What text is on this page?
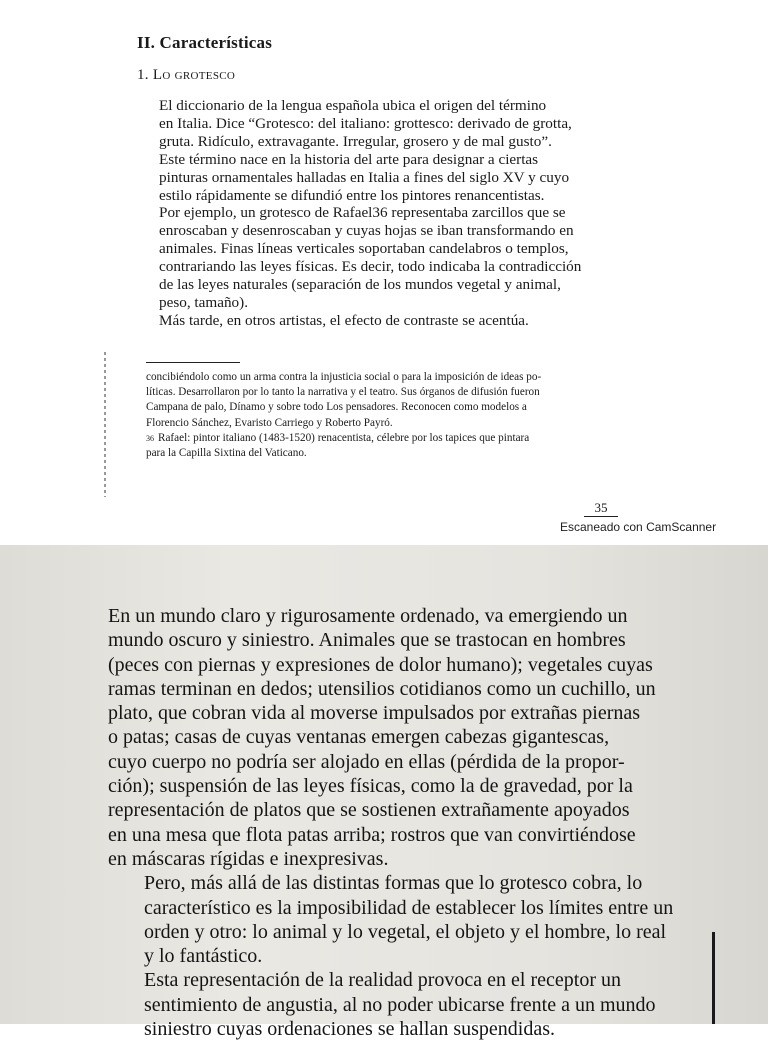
II. Características
1. Lo grotesco

El diccionario de la lengua española ubica el origen del término
en Italia. Dice “Grotesco: del italiano: grottesco: derivado de grotta,
gruta. Ridículo, extravagante. Irregular, grosero y de mal gusto”.

Este término nace en la historia del arte para designar a ciertas
pinturas ornamentales halladas en Italia a fines del siglo XV y cuyo
estilo rápidamente se difundió entre los pintores renancentistas.
Por ejemplo, un grotesco de Rafael36 representaba zarcillos que se
enroscaban y desenroscaban y cuyas hojas se iban transformando en
animales. Finas líneas verticales soportaban candelabros o templos,
contrariando las leyes físicas. Es decir, todo indicaba la contradicción
de las leyes naturales (separación de los mundos vegetal y animal,
peso, tamaño).

Más tarde, en otros artistas, el efecto de contraste se acentúa.

concibiéndolo como un arma contra la injusticia social o para la imposición de ideas po-
líticas. Desarrollaron por lo tanto la narrativa y el teatro. Sus órganos de difusión fueron
Campana de palo, Dínamo y sobre todo Los pensadores. Reconocen como modelos a
Florencio Sánchez, Evaristo Carriego y Roberto Payró.

$^{36}$ Rafael: pintor italiano (1483-1520) renacentista, célebre por los tapices que pintara
para la Capilla Sixtina del Vaticano.

35
Escaneado con CamScanner

En un mundo claro y rigurosamente ordenado, va emergiendo un
mundo oscuro y siniestro. Animales que se trastocan en hombres
(peces con piernas y expresiones de dolor humano); vegetales cuyas
ramas terminan en dedos; utensilios cotidianos como un cuchillo, un
plato, que cobran vida al moverse impulsados por extrañas piernas
o patas; casas de cuyas ventanas emergen cabezas gigantescas,
cuyo cuerpo no podría ser alojado en ellas (pérdida de la propor-
ción); suspensión de las leyes físicas, como la de gravedad, por la
representación de platos que se sostienen extrañamente apoyados
en una mesa que flota patas arriba; rostros que van convirtiéndose
en máscaras rígidas e inexpresivas.

Pero, más allá de las distintas formas que lo grotesco cobra, lo
característico es la imposibilidad de establecer los límites entre un
orden y otro: lo animal y lo vegetal, el objeto y el hombre, lo real
y lo fantástico.

Esta representación de la realidad provoca en el receptor un
sentimiento de angustia, al no poder ubicarse frente a un mundo
siniestro cuyas ordenaciones se hallan suspendidas.
